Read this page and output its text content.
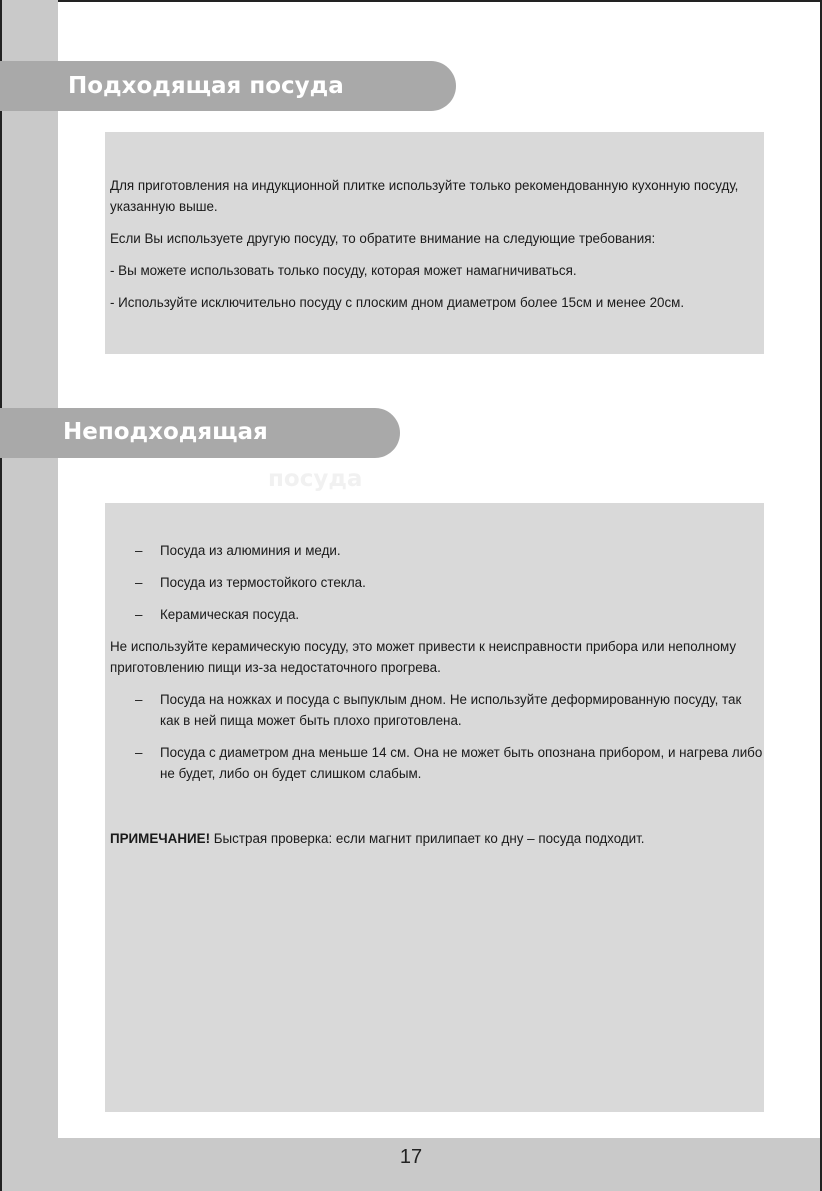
Подходящая посуда

Для приготовления на индукционной плитке используйте только рекомендованную кухонную посуду, указанную выше.

Если Вы используете другую посуду, то обратите внимание на следующие требования:

- Вы можете использовать только посуду, которая может намагничиваться.

- Используйте исключительно посуду с плоским дном диаметром более 15см и менее 20см.

Неподходящая
посуда
– Посуда из алюминия и меди.
– Посуда из термостойкого стекла.
– Керамическая посуда.

Не используйте керамическую посуду, это может привести к неисправности прибора или неполному приготовлению пищи из-за недостаточного прогрева.

– Посуда на ножках и посуда с выпуклым дном. Не используйте деформированную посуду, так как в ней пища может быть плохо приготовлена.
– Посуда с диаметром дна меньше 14 см. Она не может быть опознана прибором, и нагрева либо не будет, либо он будет слишком слабым.
ПРИМЕЧАНИЕ! Быстрая проверка: если магнит прилипает ко дну – посуда подходит.
17
